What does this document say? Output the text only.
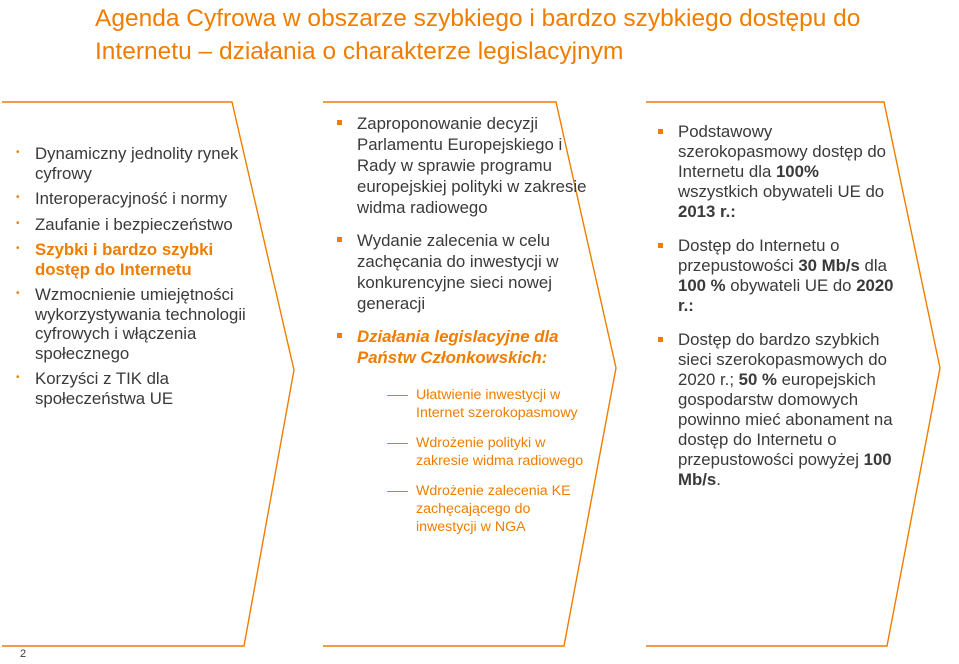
Agenda Cyfrowa w obszarze szybkiego i bardzo szybkiego dostępu do Internetu – działania o charakterze legislacyjnym
• Dynamiczny jednolity rynek cyfrowy
• Interoperacyjność i normy
• Zaufanie i bezpieczeństwo
• Szybki i bardzo szybki dostęp do Internetu
• Wzmocnienie umiejętności wykorzystywania technologii cyfrowych i włączenia społecznego
• Korzyści z TIK dla społeczeństwa UE
Zaproponowanie decyzji Parlamentu Europejskiego i Rady w sprawie programu europejskiej polityki w zakresie widma radiowego
Wydanie zalecenia w celu zachęcania do inwestycji w konkurencyjne sieci nowej generacji
Działania legislacyjne dla Państw Członkowskich:
Ułatwienie inwestycji w Internet szerokopasmowy
Wdrożenie polityki w zakresie widma radiowego
Wdrożenie zalecenia KE zachęcającego do inwestycji w NGA
Podstawowy szerokopasmowy dostęp do Internetu dla 100% wszystkich obywateli UE do 2013 r.:
Dostęp do Internetu o przepustowości 30 Mb/s dla 100 % obywateli UE do 2020 r.:
Dostęp do bardzo szybkich sieci szerokopasmowych do 2020 r.; 50 % europejskich gospodarstw domowych powinno mieć abonament na dostęp do Internetu o przepustowości powyżej 100 Mb/s.
2
